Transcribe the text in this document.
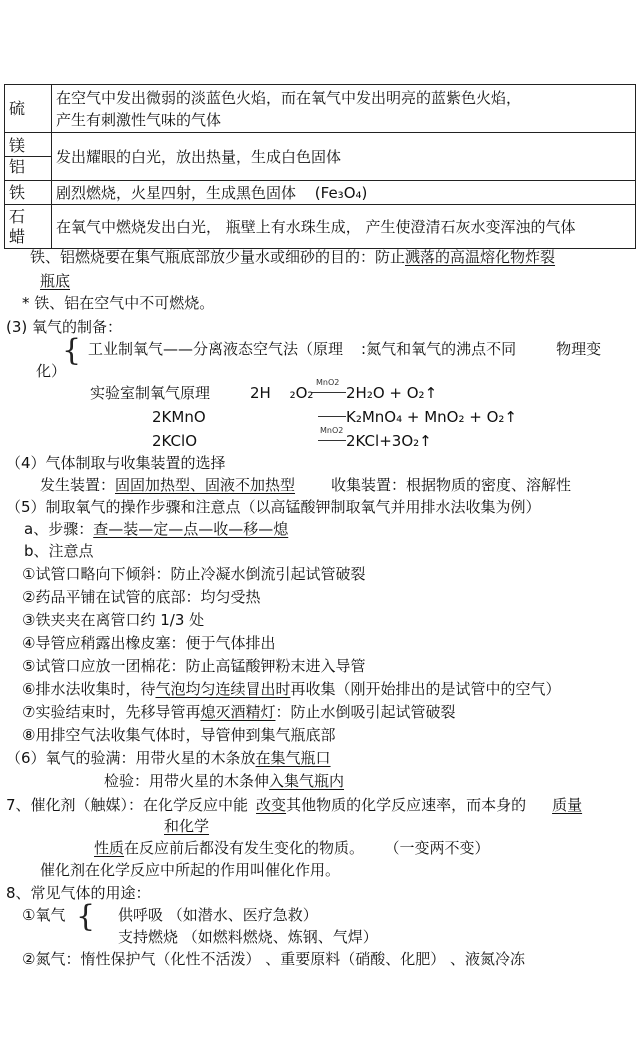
硫	在空气中发出微弱的淡蓝色火焰，而在氧气中发出明亮的蓝紫色火焰，
产生有刺激性气味的气体

镁
铝	发出耀眼的白光，放出热量，生成白色固体
铁	剧烈燃烧，火星四射，生成黑色固体 (Fe₃O₄)

石
蜡	在氧气中燃烧发出白光， 瓶壁上有水珠生成， 产生使澄清石灰水变浑浊的气体
铁、铝燃烧要在集气瓶底部放少量水或细砂的目的：防止溅落的高温熔化物炸裂
瓶底
* 铁、铝在空气中不可燃烧。
(3) 氧气的制备：
{ 工业制氧气——分离液态空气法（原理 :氮气和氧气的沸点不同	物理变
化）
实验室制氧气原理	2H ₂O₂
MnO2
2H₂O + O₂↑
2KMnO	K₂MnO₄ + MnO₂ + O₂↑
2KClO
MnO2
2KCl+3O₂↑
（4）气体制取与收集装置的选择
发生装置：固固加热型、固液不加热型 收集装置：根据物质的密度、溶解性
（5）制取氧气的操作步骤和注意点（以高锰酸钾制取氧气并用排水法收集为例）
a、步骤：查—装—定—点—收—移—熄
b、注意点
①试管口略向下倾斜：防止冷凝水倒流引起试管破裂
②药品平铺在试管的底部：均匀受热
③铁夹夹在离管口约 1/3 处
④导管应稍露出橡皮塞：便于气体排出
⑤试管口应放一团棉花：防止高锰酸钾粉末进入导管
⑥排水法收集时，待气泡均匀连续冒出时再收集（刚开始排出的是试管中的空气）
⑦实验结束时，先移导管再熄灭酒精灯：防止水倒吸引起试管破裂
⑧用排空气法收集气体时，导管伸到集气瓶底部
（6）氧气的验满：用带火星的木条放在集气瓶口
检验：用带火星的木条伸入集气瓶内
7、催化剂（触媒）：在化学反应中能 改变其他物质的化学反应速率，而本身的 质量
和化学
性质在反应前后都没有发生变化的物质。 （一变两不变）
催化剂在化学反应中所起的作用叫催化作用。
8、常见气体的用途：
①氧气 { 供呼吸 （如潜水、医疗急救）
支持燃烧 （如燃料燃烧、炼钢、气焊）
②氮气：惰性保护气（化性不活泼） 、重要原料（硝酸、化肥） 、液氮冷冻
